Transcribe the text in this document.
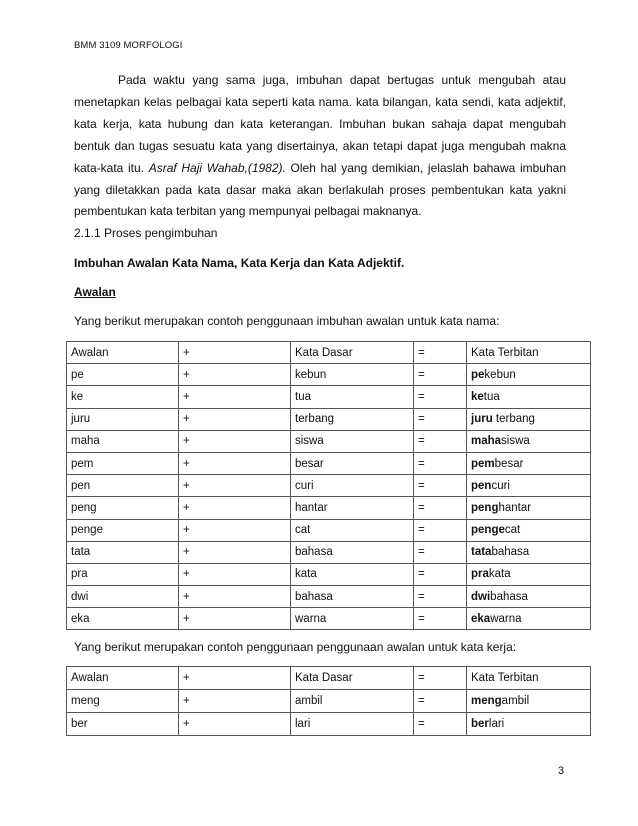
BMM 3109 MORFOLOGI

Pada waktu yang sama juga, imbuhan dapat bertugas untuk mengubah atau menetapkan kelas pelbagai kata seperti kata nama. kata bilangan, kata sendi, kata adjektif, kata kerja, kata hubung dan kata keterangan. Imbuhan bukan sahaja dapat mengubah bentuk dan tugas sesuatu kata yang disertainya, akan tetapi dapat juga mengubah makna kata-kata itu. Asraf Haji Wahab,(1982). Oleh hal yang demikian, jelaslah bahawa imbuhan yang diletakkan pada kata dasar maka akan berlakulah proses pembentukan kata yakni pembentukan kata terbitan yang mempunyai pelbagai maknanya.

2.1.1 Proses pengimbuhan

Imbuhan Awalan Kata Nama, Kata Kerja dan Kata Adjektif.

Awalan

Yang berikut merupakan contoh penggunaan imbuhan awalan untuk kata nama:

Awalan	+	Kata Dasar	=	Kata Terbitan
pe	+	kebun	=	pekebun
ke	+	tua	=	ketua
juru	+	terbang	=	juru terbang
maha	+	siswa	=	mahasiswa
pem	+	besar	=	pembesar
pen	+	curi	=	pencuri
peng	+	hantar	=	penghantar
penge	+	cat	=	pengecat
tata	+	bahasa	=	tatabahasa
pra	+	kata	=	prakata
dwi	+	bahasa	=	dwibahasa
eka	+	warna	=	ekawarna

Yang berikut merupakan contoh penggunaan penggunaan awalan untuk kata kerja:

Awalan	+	Kata Dasar	=	Kata Terbitan
meng	+	ambil	=	mengambil
ber	+	lari	=	berlari
3
